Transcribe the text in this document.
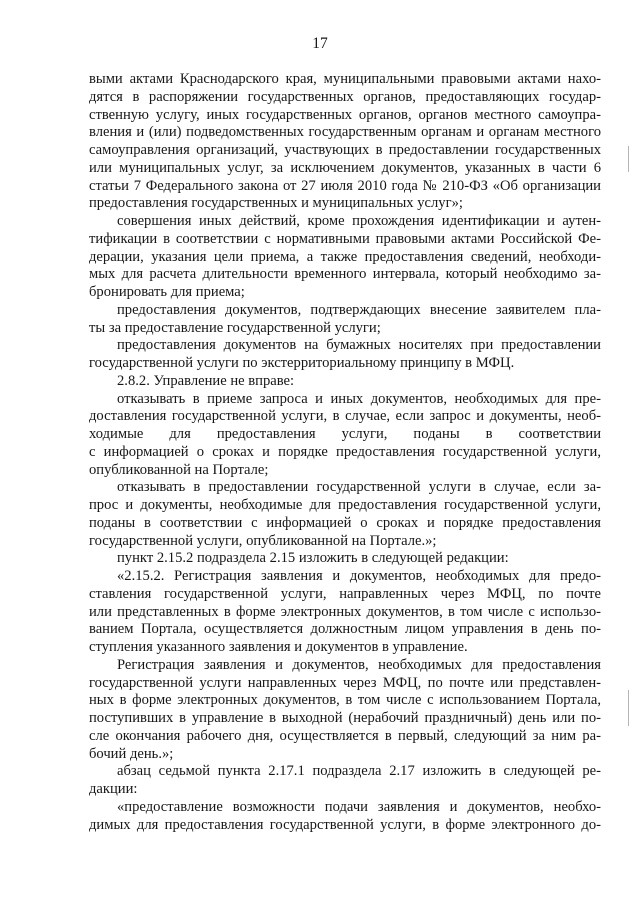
17
выми актами Краснодарского края, муниципальными правовыми актами нахо-
дятся в распоряжении государственных органов, предоставляющих государ-
ственную услугу, иных государственных органов, органов местного самоупра-
вления и (или) подведомственных государственным органам и органам местного
самоуправления организаций, участвующих в предоставлении государственных
или муниципальных услуг, за исключением документов, указанных в части 6
статьи 7 Федерального закона от 27 июля 2010 года № 210-ФЗ «Об организации
предоставления государственных и муниципальных услуг»;
совершения иных действий, кроме прохождения идентификации и аутен-
тификации в соответствии с нормативными правовыми актами Российской Фе-
дерации, указания цели приема, а также предоставления сведений, необходи-
мых для расчета длительности временного интервала, который необходимо за-
бронировать для приема;
предоставления документов, подтверждающих внесение заявителем пла-
ты за предоставление государственной услуги;
предоставления документов на бумажных носителях при предоставлении
государственной услуги по экстерриториальному принципу в МФЦ.
2.8.2. Управление не вправе:
отказывать в приеме запроса и иных документов, необходимых для пре-
доставления государственной услуги, в случае, если запрос и документы, необ-
ходимые для предоставления услуги, поданы в соответствии
с информацией о сроках и порядке предоставления государственной услуги,
опубликованной на Портале;
отказывать в предоставлении государственной услуги в случае, если за-
прос и документы, необходимые для предоставления государственной услуги,
поданы в соответствии с информацией о сроках и порядке предоставления
государственной услуги, опубликованной на Портале.»;
пункт 2.15.2 подраздела 2.15 изложить в следующей редакции:
«2.15.2. Регистрация заявления и документов, необходимых для предо-
ставления государственной услуги, направленных через МФЦ, по почте
или представленных в форме электронных документов, в том числе с использо-
ванием Портала, осуществляется должностным лицом управления в день по-
ступления указанного заявления и документов в управление.
Регистрация заявления и документов, необходимых для предоставления
государственной услуги направленных через МФЦ, по почте или представлен-
ных в форме электронных документов, в том числе с использованием Портала,
поступивших в управление в выходной (нерабочий праздничный) день или по-
сле окончания рабочего дня, осуществляется в первый, следующий за ним ра-
бочий день.»;
абзац седьмой пункта 2.17.1 подраздела 2.17 изложить в следующей ре-
дакции:
«предоставление возможности подачи заявления и документов, необхо-
димых для предоставления государственной услуги, в форме электронного до-
